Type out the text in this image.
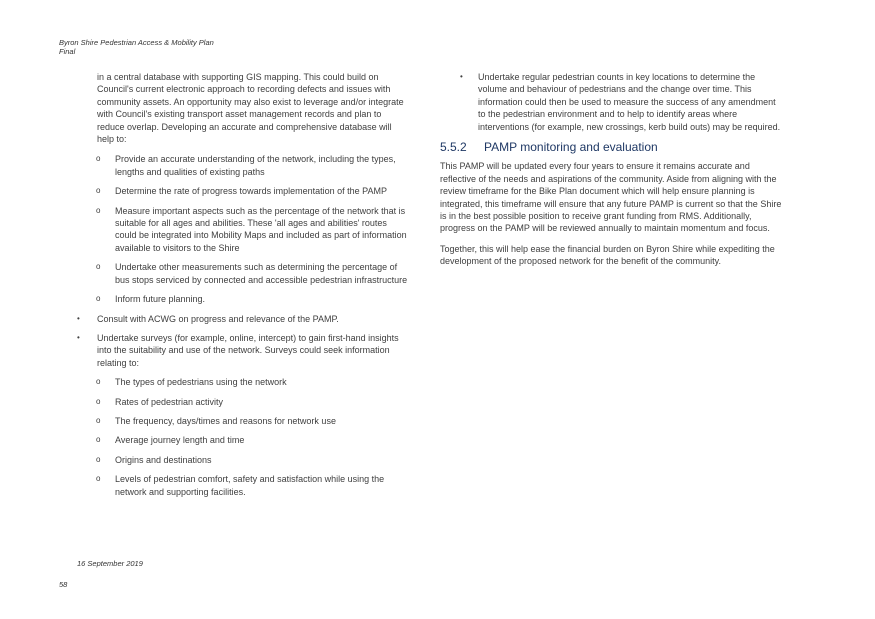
Byron Shire Pedestrian Access & Mobility Plan
Final

in a central database with supporting GIS mapping. This could build on Council's current electronic approach to recording defects and issues with community assets. An opportunity may also exist to leverage and/or integrate with Council's existing transport asset management records and plan to reduce overlap. Developing an accurate and comprehensive database will help to:

o Provide an accurate understanding of the network, including the types, lengths and qualities of existing paths
o Determine the rate of progress towards implementation of the PAMP
o Measure important aspects such as the percentage of the network that is suitable for all ages and abilities. These 'all ages and abilities' routes could be integrated into Mobility Maps and included as part of information available to visitors to the Shire
o Undertake other measurements such as determining the percentage of bus stops serviced by connected and accessible pedestrian infrastructure
o Inform future planning.
• Consult with ACWG on progress and relevance of the PAMP.
• Undertake surveys (for example, online, intercept) to gain first-hand insights into the suitability and use of the network. Surveys could seek information relating to:
o The types of pedestrians using the network
o Rates of pedestrian activity
o The frequency, days/times and reasons for network use
o Average journey length and time
o Origins and destinations
o Levels of pedestrian comfort, safety and satisfaction while using the network and supporting facilities.
• Undertake regular pedestrian counts in key locations to determine the volume and behaviour of pedestrians and the change over time. This information could then be used to measure the success of any amendment to the pedestrian environment and to help to identify areas where interventions (for example, new crossings, kerb build outs) may be required.
5.5.2	PAMP monitoring and evaluation

This PAMP will be updated every four years to ensure it remains accurate and reflective of the needs and aspirations of the community. Aside from aligning with the review timeframe for the Bike Plan document which will help ensure planning is integrated, this timeframe will ensure that any future PAMP is current so that the Shire is in the best possible position to receive grant funding from RMS. Additionally, progress on the PAMP will be reviewed annually to maintain momentum and focus.

Together, this will help ease the financial burden on Byron Shire while expediting the development of the proposed network for the benefit of the community.

16 September 2019
58
